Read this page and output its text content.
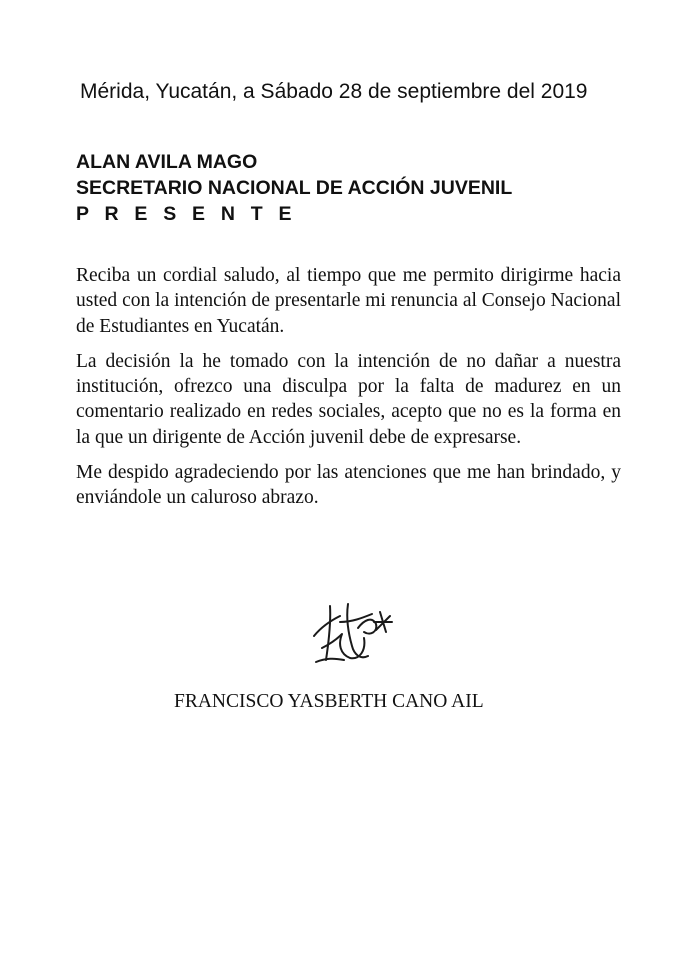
Mérida, Yucatán, a Sábado 28 de septiembre del 2019
ALAN AVILA MAGO
SECRETARIO NACIONAL DE ACCIÓN JUVENIL
P R E S E N T E

Reciba un cordial saludo, al tiempo que me permito dirigirme hacia usted con la intención de presentarle mi renuncia al Consejo Nacional de Estudiantes en Yucatán.

La decisión la he tomado con la intención de no dañar a nuestra institución, ofrezco una disculpa por la falta de madurez en un comentario realizado en redes sociales, acepto que no es la forma en la que un dirigente de Acción juvenil debe de expresarse.

Me despido agradeciendo por las atenciones que me han brindado, y enviándole un caluroso abrazo.

FRANCISCO YASBERTH CANO AIL
